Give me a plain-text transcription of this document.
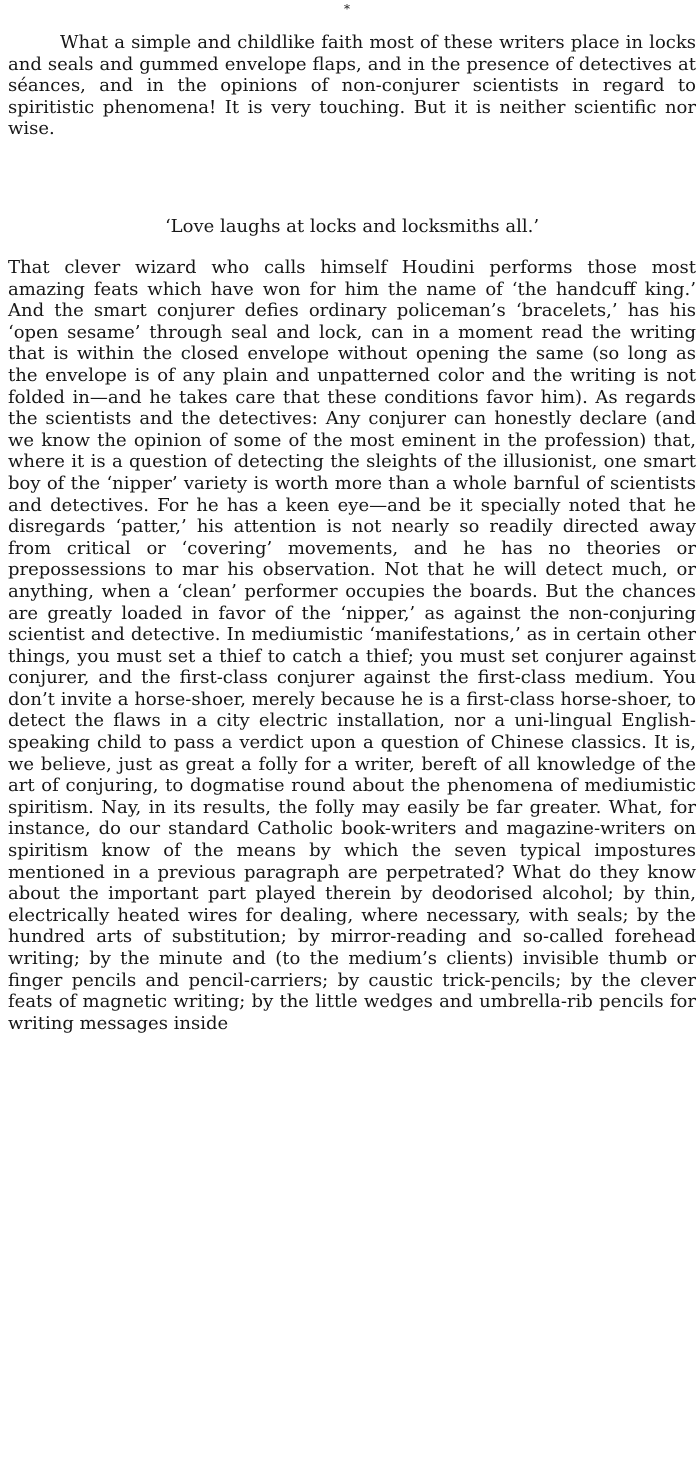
*

What a simple and childlike faith most of these writers place in locks and seals and gummed envelope flaps, and in the presence of detectives at séances, and in the opinions of non-conjurer scientists in regard to spiritistic phenomena! It is very touching. But it is neither scientific nor wise.

‘Love laughs at locks and locksmiths all.’

That clever wizard who calls himself Houdini performs those most amazing feats which have won for him the name of ‘the handcuff king.’ And the smart conjurer defies ordinary policeman’s ‘bracelets,’ has his ‘open sesame’ through seal and lock, can in a moment read the writing that is within the closed envelope without opening the same (so long as the envelope is of any plain and unpatterned color and the writing is not folded in—and he takes care that these conditions favor him). As regards the scientists and the detectives: Any conjurer can honestly declare (and we know the opinion of some of the most eminent in the profession) that, where it is a question of detecting the sleights of the illusionist, one smart boy of the ‘nipper’ variety is worth more than a whole barnful of scientists and detectives. For he has a keen eye—and be it specially noted that he disregards ‘patter,’ his attention is not nearly so readily directed away from critical or ‘covering’ movements, and he has no theories or prepossessions to mar his observation. Not that he will detect much, or anything, when a ‘clean’ performer occupies the boards. But the chances are greatly loaded in favor of the ‘nipper,’ as against the non-conjuring scientist and detective. In mediumistic ‘manifestations,’ as in certain other things, you must set a thief to catch a thief; you must set conjurer against conjurer, and the first-class conjurer against the first-class medium. You don’t invite a horse-shoer, merely because he is a first-class horse-shoer, to detect the flaws in a city electric installation, nor a uni-lingual English-speaking child to pass a verdict upon a question of Chinese classics. It is, we believe, just as great a folly for a writer, bereft of all knowledge of the art of conjuring, to dogmatise round about the phenomena of mediumistic spiritism. Nay, in its results, the folly may easily be far greater. What, for instance, do our standard Catholic book-writers and magazine-writers on spiritism know of the means by which the seven typical impostures mentioned in a previous paragraph are perpetrated? What do they know about the important part played therein by deodorised alcohol; by thin, electrically heated wires for dealing, where necessary, with seals; by the hundred arts of substitution; by mirror-reading and so-called forehead writing; by the minute and (to the medium’s clients) invisible thumb or finger pencils and pencil-carriers; by caustic trick-pencils; by the clever feats of magnetic writing; by the little wedges and umbrella-rib pencils for writing messages inside
